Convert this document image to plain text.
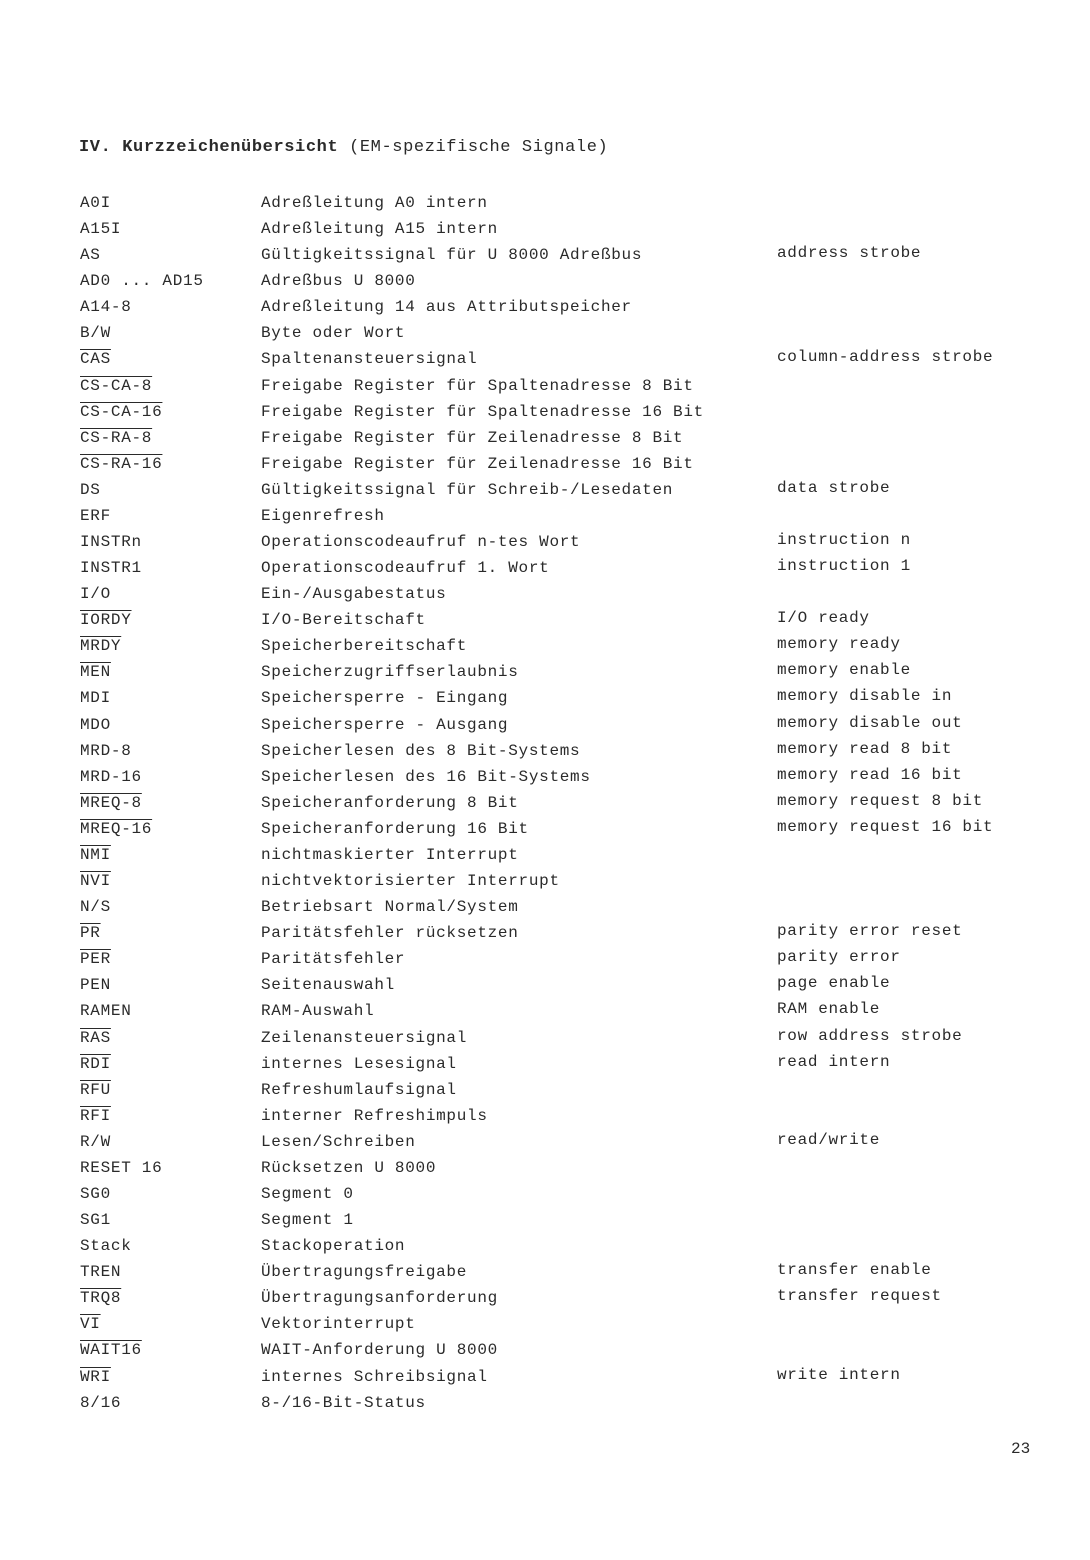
IV. Kurzzeichenübersicht (EM-spezifische Signale)
A0I	Adreßleitung A0 intern
A15I	Adreßleitung A15 intern
AS	Gültigkeitssignal für U 8000 Adreßbus	address strobe
AD0 ... AD15	Adreßbus U 8000
A14-8	Adreßleitung 14 aus Attributspeicher
B/W	Byte oder Wort
$\overline{CAS}$	Spaltenansteuersignal	column-address strobe
CS-CA-8	Freigabe Register für Spaltenadresse 8 Bit
CS-CA-16	Freigabe Register für Spaltenadresse 16 Bit
CS-RA-8	Freigabe Register für Zeilenadresse 8 Bit
CS-RA-16	Freigabe Register für Zeilenadresse 16 Bit
DS	Gültigkeitssignal für Schreib-/Lesedaten	data strobe
ERF	Eigenrefresh
INSTRn	Operationscodeaufruf n-tes Wort	instruction n
INSTR1	Operationscodeaufruf 1. Wort	instruction 1
I/O	Ein-/Ausgabestatus
IORDY	I/O-Bereitschaft	I/O ready
MRDY	Speicherbereitschaft	memory ready
$\overline{MEN}$	Speicherzugriffserlaubnis	memory enable
MDI	Speichersperre - Eingang	memory disable in
MDO	Speichersperre - Ausgang	memory disable out
MRD-8	Speicherlesen des 8 Bit-Systems	memory read 8 bit
MRD-16	Speicherlesen des 16 Bit-Systems	memory read 16 bit
MREQ-8	Speicheranforderung 8 Bit	memory request 8 bit
MREQ-16	Speicheranforderung 16 Bit	memory request 16 bit
$\overline{NMI}$	nichtmaskierter Interrupt
$\overline{NVI}$	nichtvektorisierter Interrupt
N/S	Betriebsart Normal/System
$\overline{PR}$	Paritätsfehler rücksetzen	parity error reset
$\overline{PER}$	Paritätsfehler	parity error
PEN	Seitenauswahl	page enable
RAMEN	RAM-Auswahl	RAM enable
$\overline{RAS}$	Zeilenansteuersignal	row address strobe
$\overline{RDI}$	internes Lesesignal	read intern
$\overline{RFU}$	Refreshumlaufsignal
$\overline{RFI}$	interner Refreshimpuls
R/W	Lesen/Schreiben	read/write
RESET 16	Rücksetzen U 8000
SG0	Segment 0
SG1	Segment 1
Stack	Stackoperation
TREN	Übertragungsfreigabe	transfer enable
TRQ8	Übertragungsanforderung	transfer request
$\overline{VI}$	Vektorinterrupt
WAIT16	WAIT-Anforderung U 8000
$\overline{WRI}$	internes Schreibsignal	write intern
8/16	8-/16-Bit-Status
23
